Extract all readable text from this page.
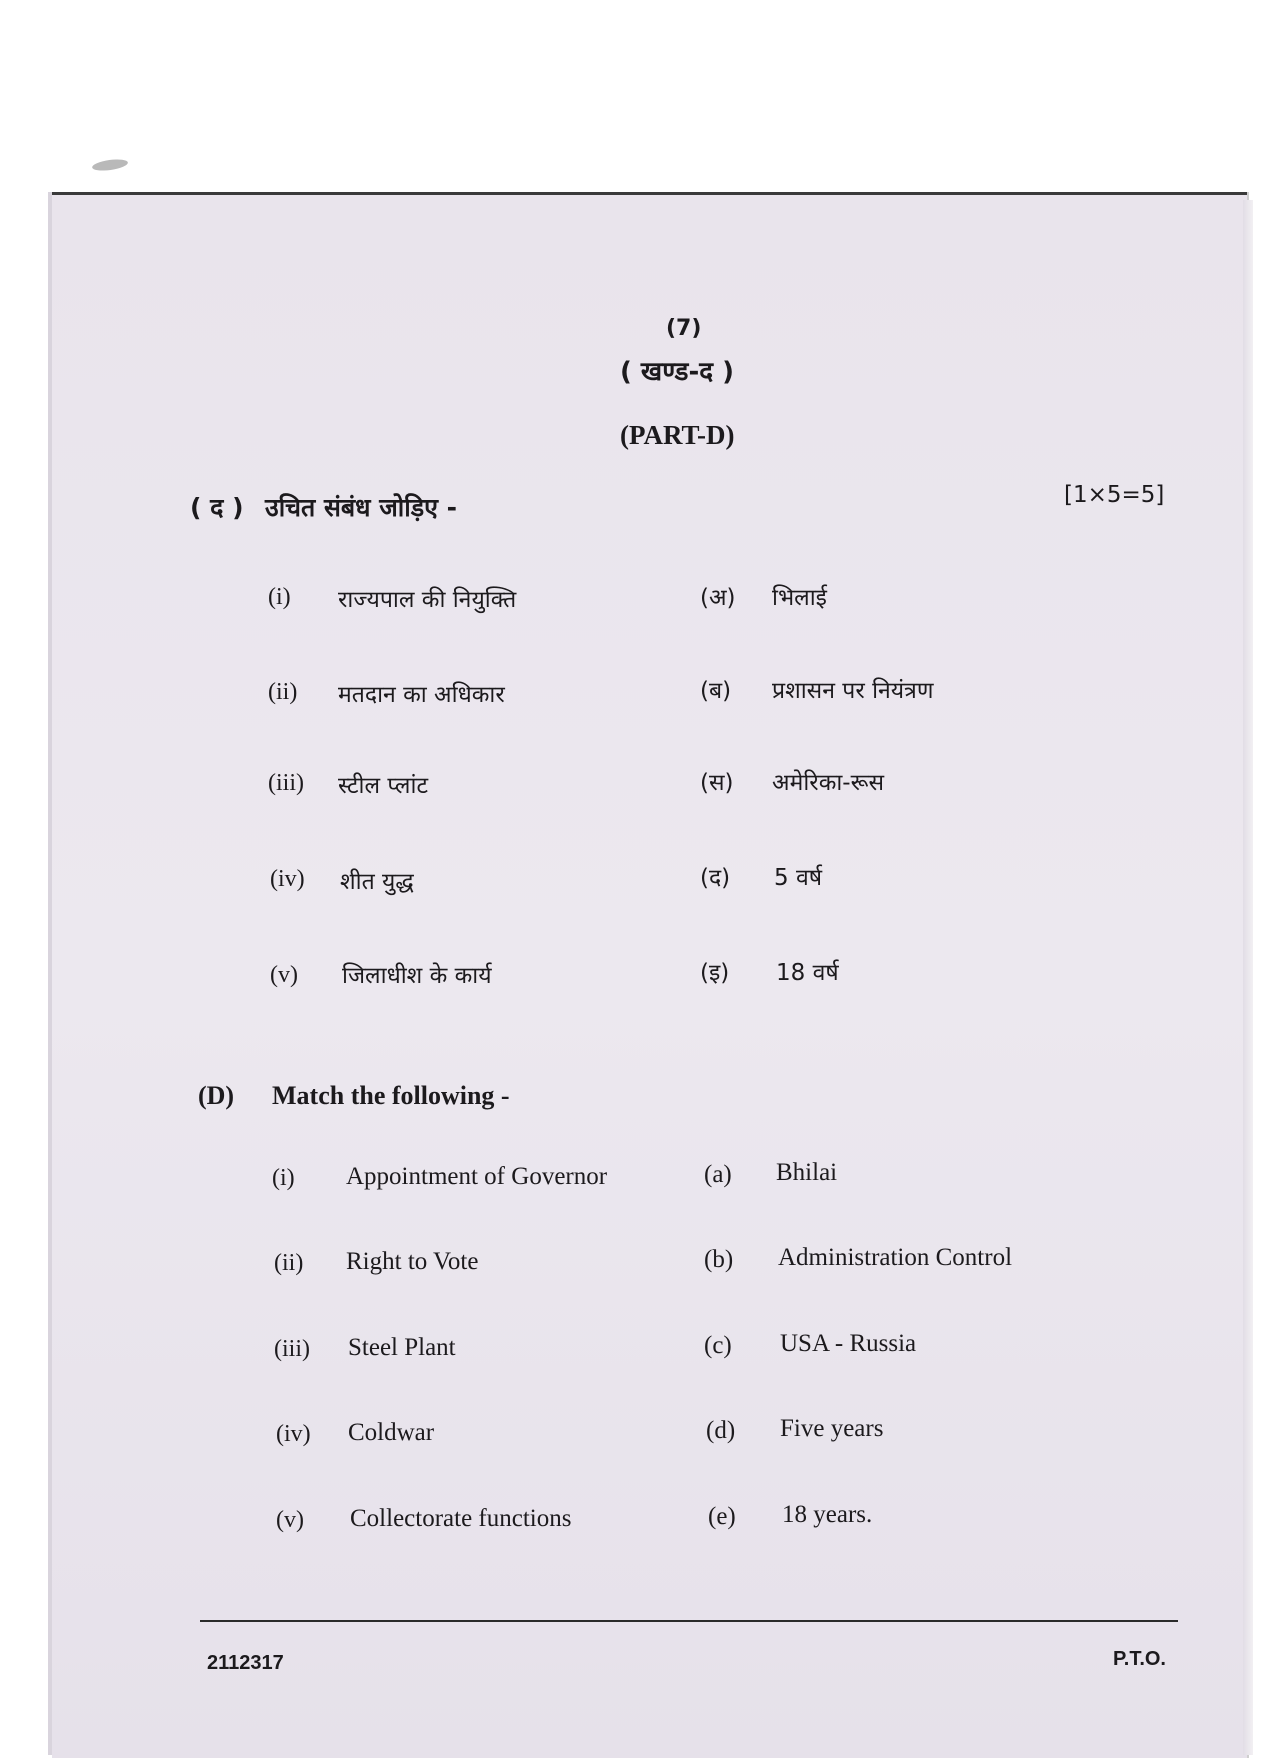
(7)
( खण्ड-द )
(PART-D)
( द ) उचित संबंध जोड़िए -	[1×5=5]
(i) राज्यपाल की नियुक्ति	(अ) भिलाई
(ii) मतदान का अधिकार	(ब) प्रशासन पर नियंत्रण
(iii) स्टील प्लांट	(स) अमेरिका-रूस
(iv) शीत युद्ध	(द) 5 वर्ष
(v) जिलाधीश के कार्य	(इ) 18 वर्ष
(D) Match the following -
(i) Appointment of Governor	(a) Bhilai
(ii) Right to Vote	(b) Administration Control
(iii) Steel Plant	(c) USA - Russia
(iv) Coldwar	(d) Five years
(v) Collectorate functions	(e) 18 years.
2112317	P.T.O.
